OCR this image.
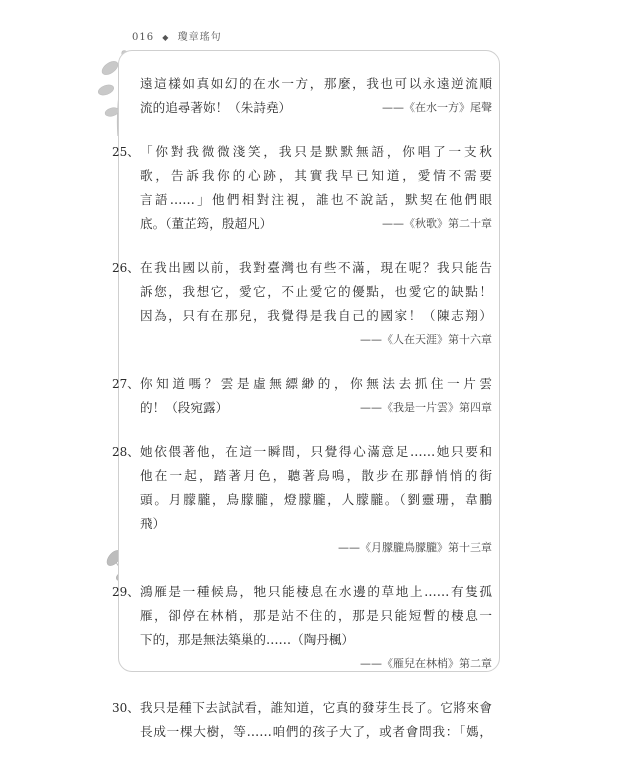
016 ◆ 瓊章瑤句
遠這樣如真如幻的在水一方，那麼，我也可以永遠逆流順
流的追尋著妳！（朱詩堯）	——《在水一方》尾聲
25、 「你對我微微淺笑，我只是默默無語，你唱了一支秋
歌，告訴我你的心跡，其實我早已知道，愛情不需要
言語……」他們相對注視，誰也不說話，默契在他們眼
底。（董芷筠，殷超凡）	——《秋歌》第二十章
26、 在我出國以前，我對臺灣也有些不滿，現在呢？我只能告
訴您，我想它，愛它，不止愛它的優點，也愛它的缺點！
因為，只有在那兒，我覺得是我自己的國家！（陳志翔）
——《人在天涯》第十六章
27、 你知道嗎？雲是虛無縹緲的，你無法去抓住一片雲
的！（段宛露）	——《我是一片雲》第四章
28、 她依偎著他，在這一瞬間，只覺得心滿意足……她只要和
他在一起，踏著月色，聽著鳥鳴，散步在那靜悄悄的街
頭。月朦朧，鳥朦朧，燈朦朧，人朦朧。（劉靈珊，韋鵬
飛）
——《月朦朧鳥朦朧》第十三章
29、 鴻雁是一種候鳥，牠只能棲息在水邊的草地上……有隻孤
雁，卻停在林梢，那是站不住的，那是只能短暫的棲息一
下的，那是無法築巢的……（陶丹楓）
——《雁兒在林梢》第二章
30、 我只是種下去試試看，誰知道，它真的發芽生長了。它將來會
長成一棵大樹，等……咱們的孩子大了，或者會問我：「媽，
